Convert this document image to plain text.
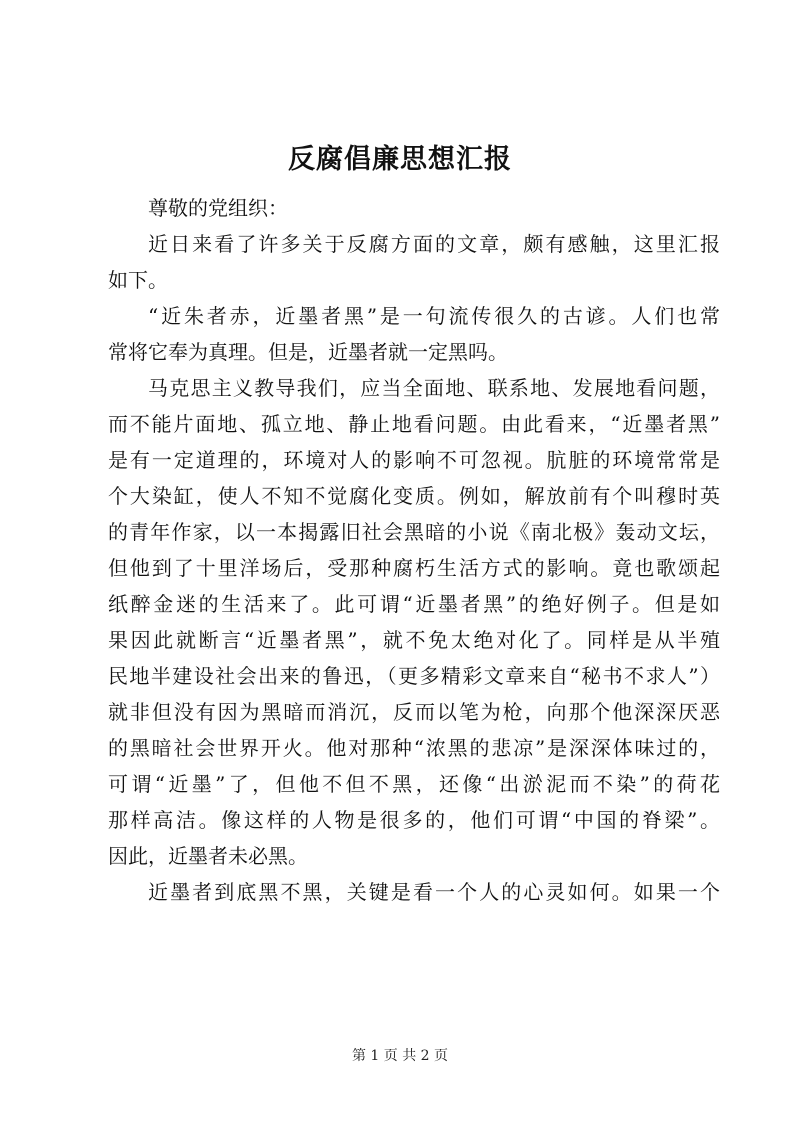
反腐倡廉思想汇报
尊敬的党组织：
近日来看了许多关于反腐方面的文章，颇有感触，这里汇报
如下。
“近朱者赤，近墨者黑”是一句流传很久的古谚。人们也常
常将它奉为真理。但是，近墨者就一定黑吗。
马克思主义教导我们，应当全面地、联系地、发展地看问题，
而不能片面地、孤立地、静止地看问题。由此看来，“近墨者黑”
是有一定道理的，环境对人的影响不可忽视。肮脏的环境常常是
个大染缸，使人不知不觉腐化变质。例如，解放前有个叫穆时英
的青年作家，以一本揭露旧社会黑暗的小说《南北极》轰动文坛，
但他到了十里洋场后，受那种腐朽生活方式的影响。竟也歌颂起
纸醉金迷的生活来了。此可谓“近墨者黑”的绝好例子。但是如
果因此就断言“近墨者黑”，就不免太绝对化了。同样是从半殖
民地半建设社会出来的鲁迅，（更多精彩文章来自“秘书不求人”）
就非但没有因为黑暗而消沉，反而以笔为枪，向那个他深深厌恶
的黑暗社会世界开火。他对那种“浓黑的悲凉”是深深体味过的，
可谓“近墨”了，但他不但不黑，还像“出淤泥而不染”的荷花
那样高洁。像这样的人物是很多的，他们可谓“中国的脊梁”。
因此，近墨者未必黑。
近墨者到底黑不黑，关键是看一个人的心灵如何。如果一个
第 1 页 共 2 页
